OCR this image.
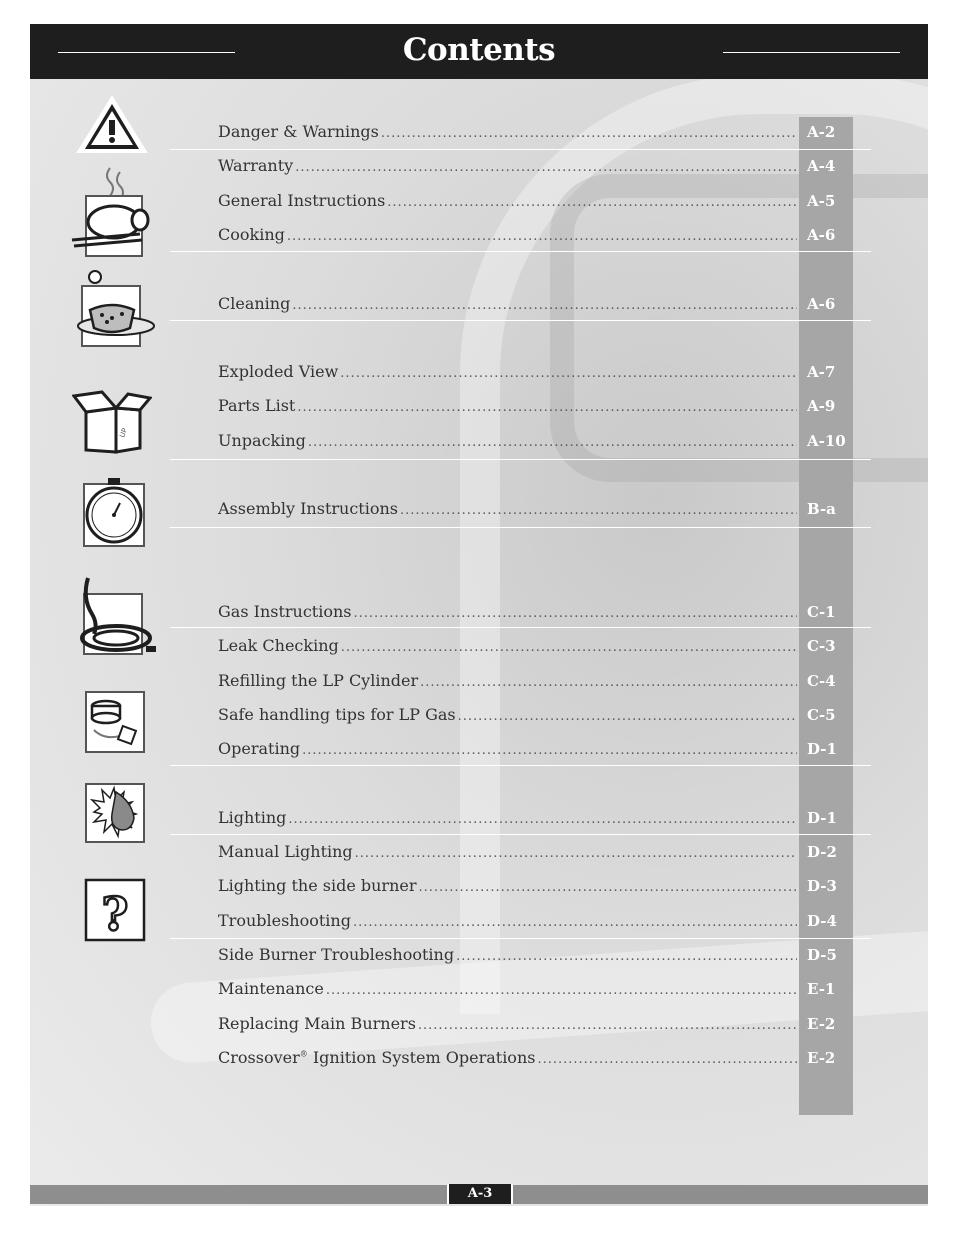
Contents
Danger & Warnings .....	A-2
Warranty .....	A-4
General Instructions .....	A-5
Cooking .....	A-6
Cleaning .....	A-6
Exploded View .....	A-7
Parts List .....	A-9
Unpacking .....	A-10
Assembly Instructions .....	B-a
Gas Instructions .....	C-1
Leak Checking .....	C-3
Refilling the LP Cylinder .....	C-4
Safe handling tips for LP Gas .....	C-5
Operating .....	D-1
Lighting .....	D-1
Manual Lighting .....	D-2
Lighting the side burner .....	D-3
Troubleshooting .....	D-4
Side Burner Troubleshooting .....	D-5
Maintenance .....	E-1
Replacing Main Burners .....	E-2
Crossover® Ignition System Operations .....	E-2
UP
?
A-3
